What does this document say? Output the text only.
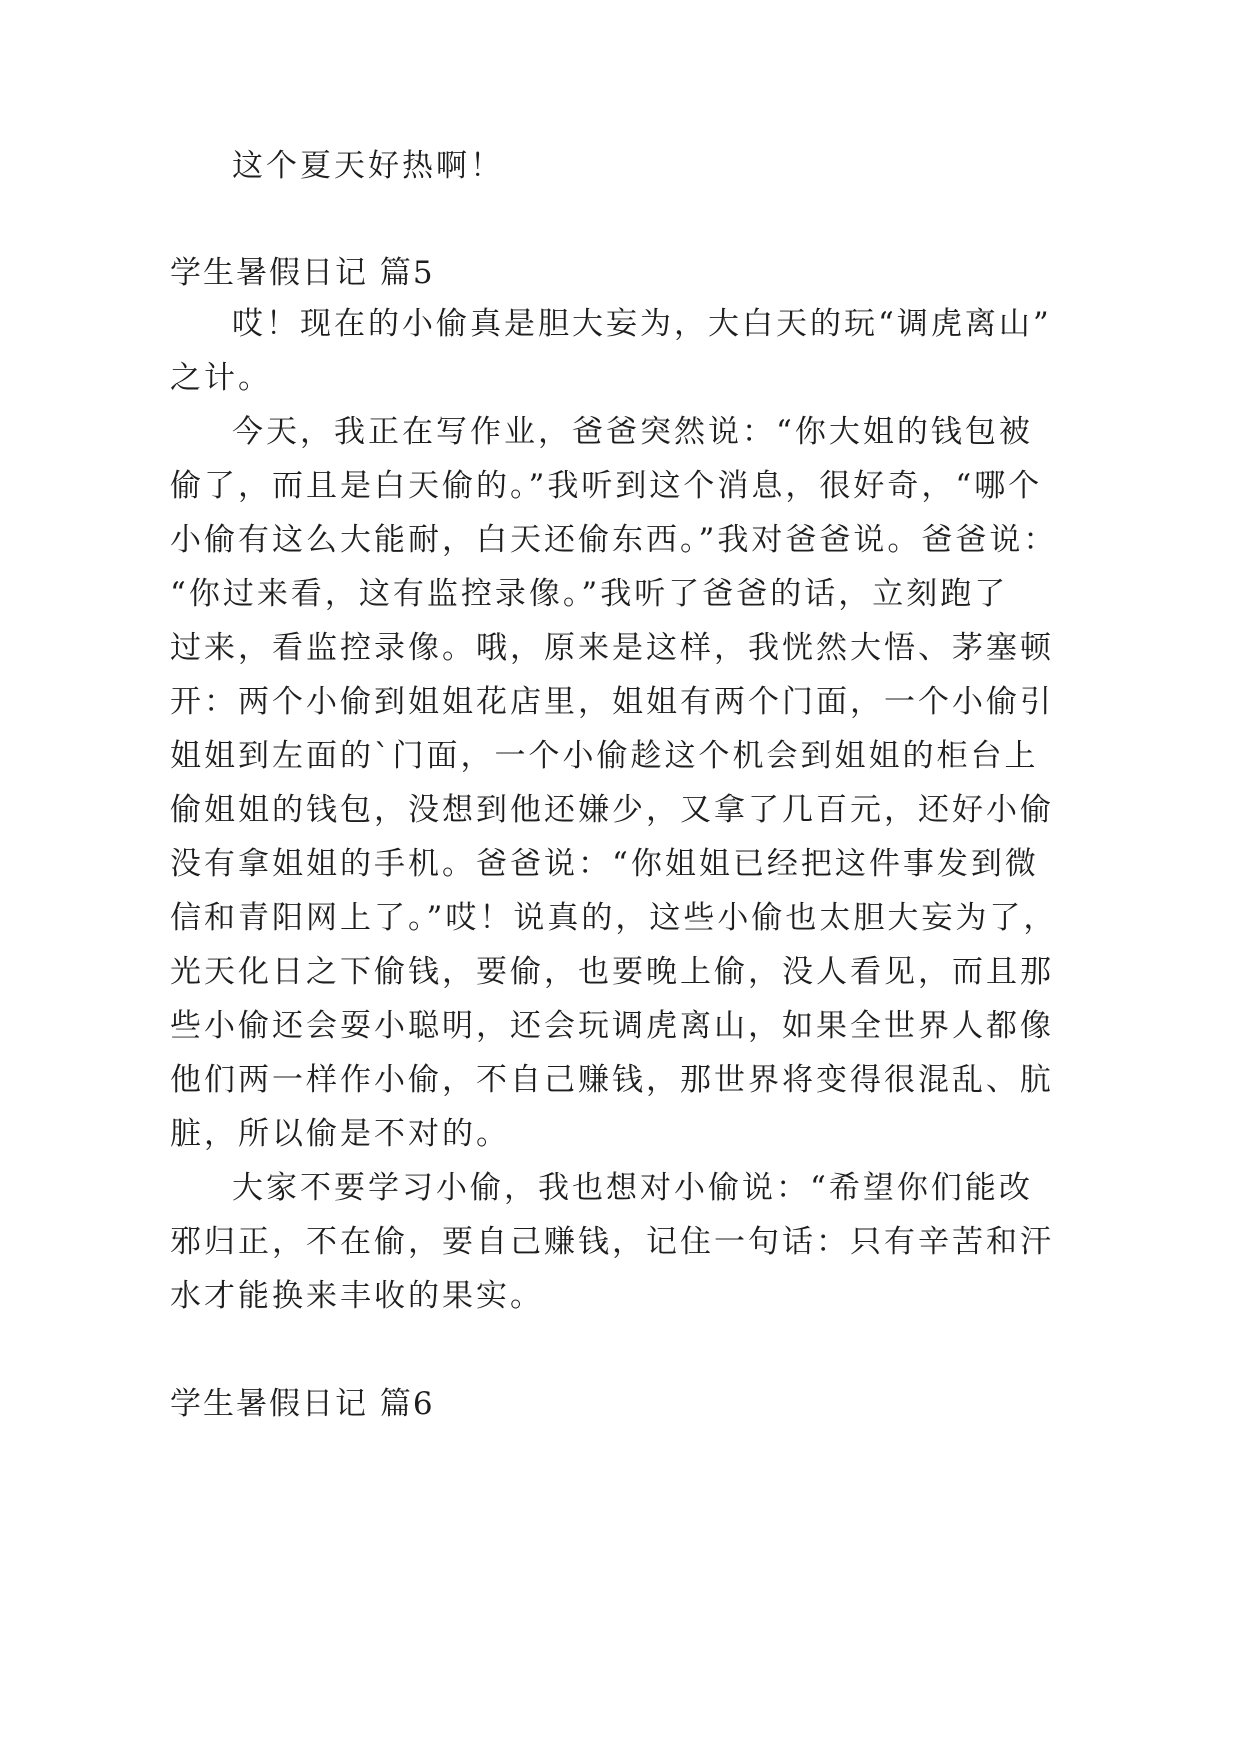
这个夏天好热啊！
学生暑假日记 篇5
哎！现在的小偷真是胆大妄为，大白天的玩“调虎离山”
之计。
今天，我正在写作业，爸爸突然说：“你大姐的钱包被
偷了，而且是白天偷的。”我听到这个消息，很好奇，“哪个
小偷有这么大能耐，白天还偷东西。”我对爸爸说。爸爸说：
“你过来看，这有监控录像。”我听了爸爸的话，立刻跑了
过来，看监控录像。哦，原来是这样，我恍然大悟、茅塞顿
开：两个小偷到姐姐花店里，姐姐有两个门面，一个小偷引
姐姐到左面的`门面，一个小偷趁这个机会到姐姐的柜台上
偷姐姐的钱包，没想到他还嫌少，又拿了几百元，还好小偷
没有拿姐姐的手机。爸爸说：“你姐姐已经把这件事发到微
信和青阳网上了。”哎！说真的，这些小偷也太胆大妄为了，
光天化日之下偷钱，要偷，也要晚上偷，没人看见，而且那
些小偷还会耍小聪明，还会玩调虎离山，如果全世界人都像
他们两一样作小偷，不自己赚钱，那世界将变得很混乱、肮
脏，所以偷是不对的。
大家不要学习小偷，我也想对小偷说：“希望你们能改
邪归正，不在偷，要自己赚钱，记住一句话：只有辛苦和汗
水才能换来丰收的果实。
学生暑假日记 篇6
